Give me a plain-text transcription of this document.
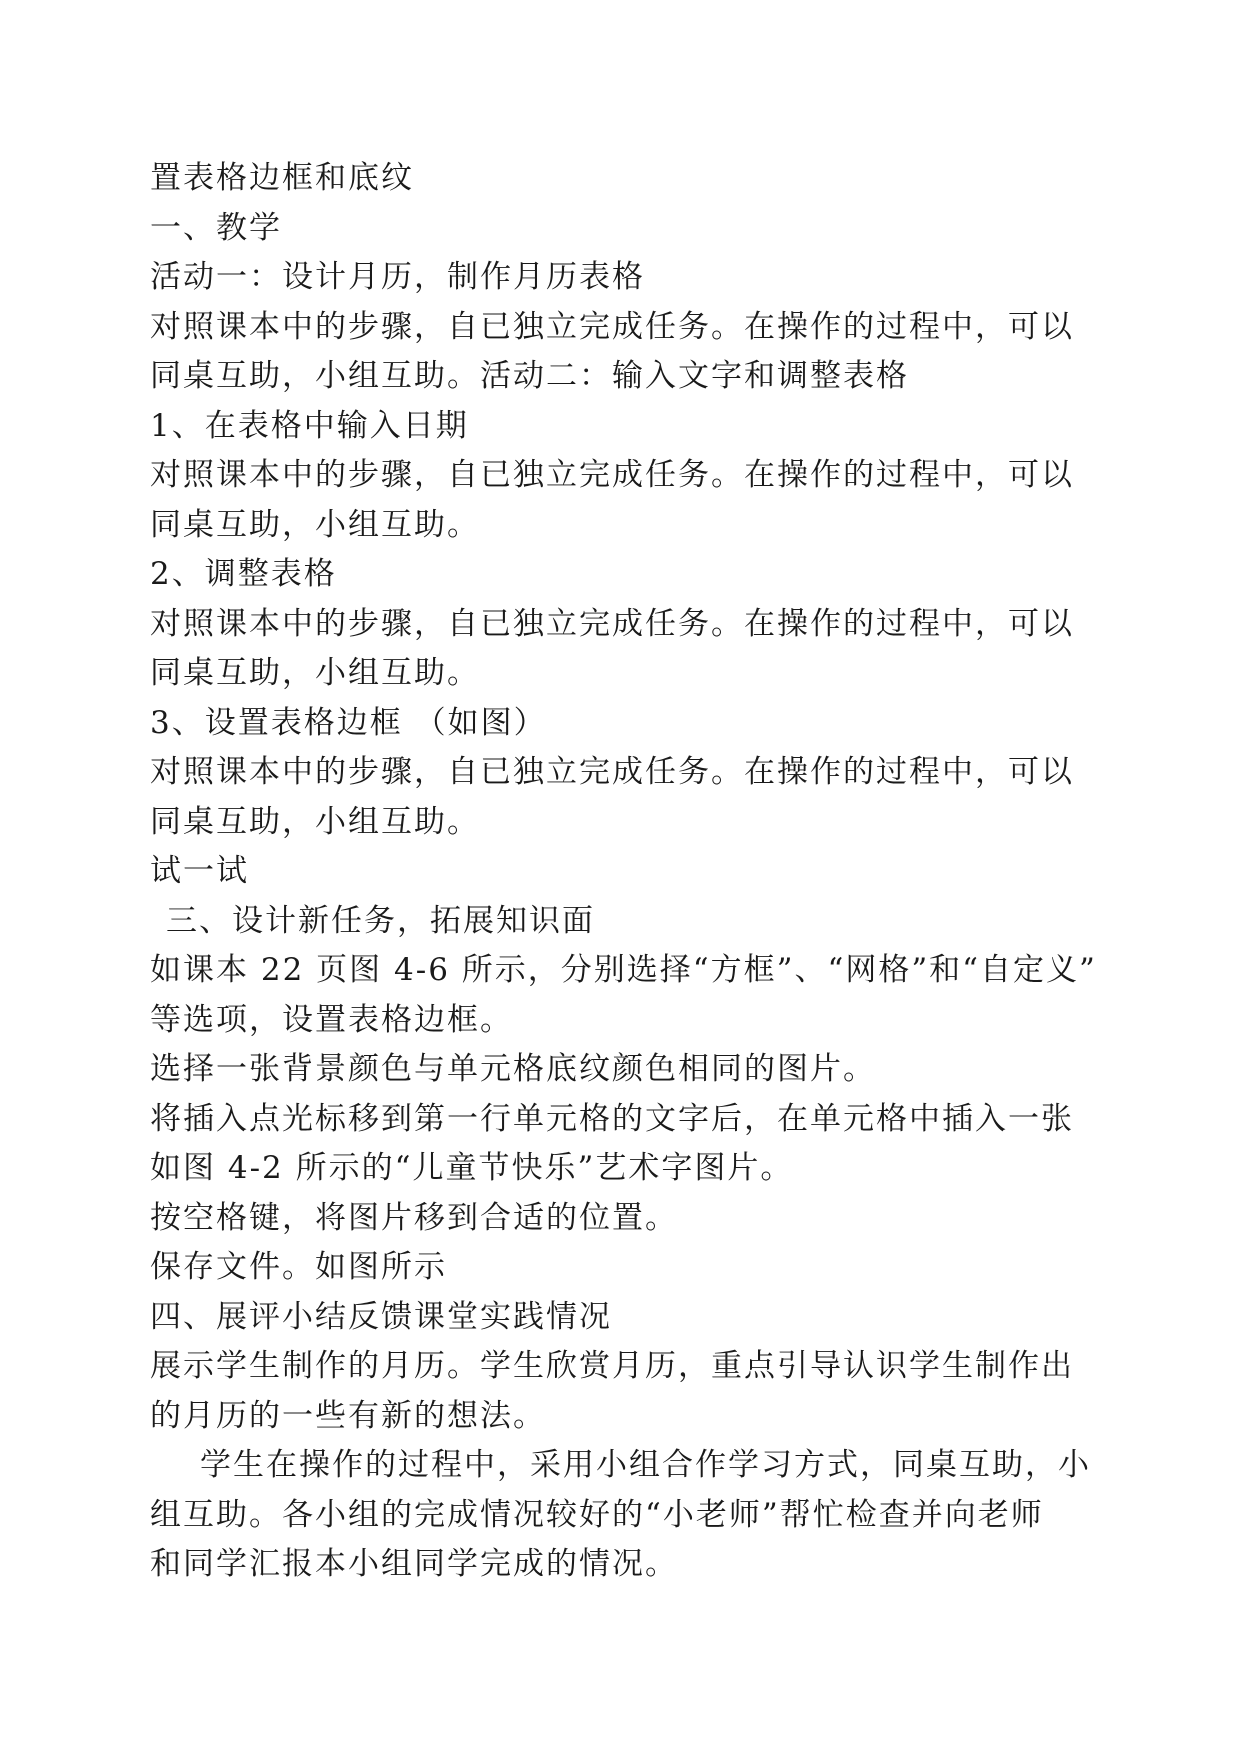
置表格边框和底纹
一、教学
活动一：设计月历，制作月历表格
对照课本中的步骤，自已独立完成任务。在操作的过程中，可以
同桌互助，小组互助。活动二：输入文字和调整表格
1、在表格中输入日期
对照课本中的步骤，自已独立完成任务。在操作的过程中，可以
同桌互助，小组互助。
2、调整表格
对照课本中的步骤，自已独立完成任务。在操作的过程中，可以
同桌互助，小组互助。
3、设置表格边框 （如图）
对照课本中的步骤，自已独立完成任务。在操作的过程中，可以
同桌互助，小组互助。
试一试
三、设计新任务，拓展知识面
如课本 22 页图 4-6 所示，分别选择“方框”、“网格”和“自定义”
等选项，设置表格边框。
选择一张背景颜色与单元格底纹颜色相同的图片。
将插入点光标移到第一行单元格的文字后，在单元格中插入一张
如图 4-2 所示的“儿童节快乐”艺术字图片。
按空格键，将图片移到合适的位置。
保存文件。如图所示
四、展评小结反馈课堂实践情况
展示学生制作的月历。学生欣赏月历，重点引导认识学生制作出
的月历的一些有新的想法。
学生在操作的过程中，采用小组合作学习方式，同桌互助，小
组互助。各小组的完成情况较好的“小老师”帮忙检查并向老师
和同学汇报本小组同学完成的情况。
